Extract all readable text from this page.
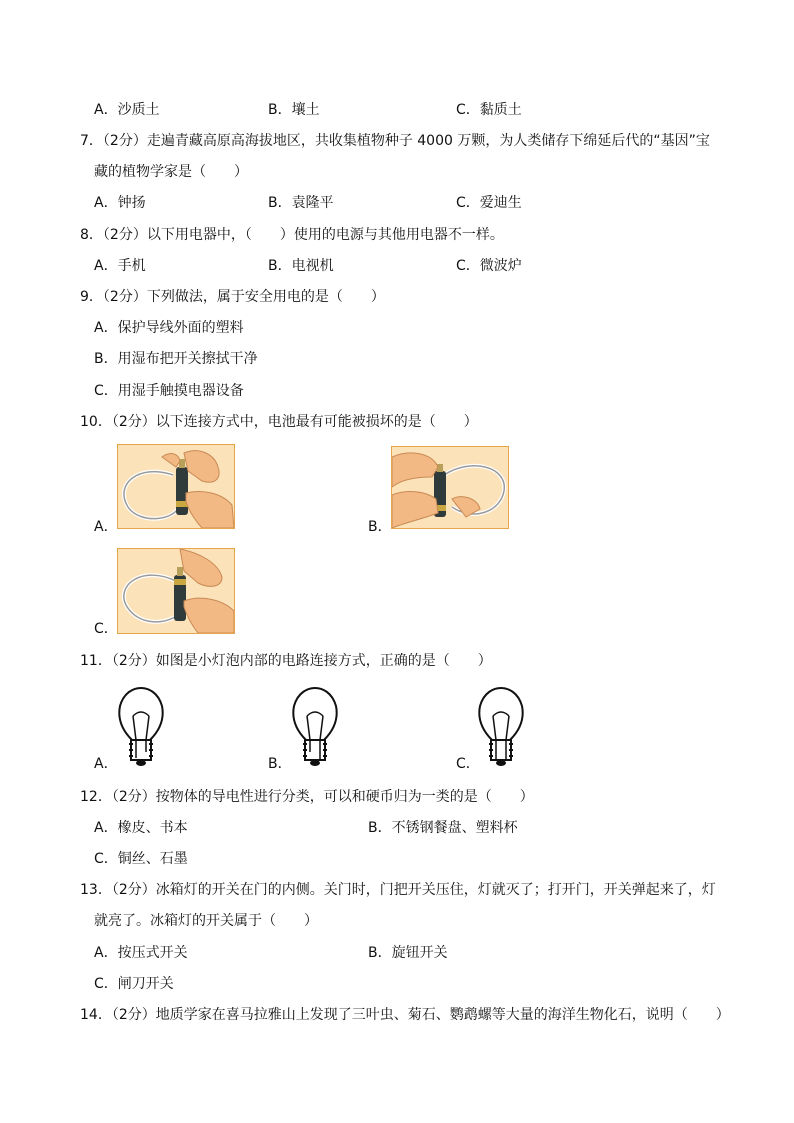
A．沙质土	B．壤土	C．黏质土
7．（2分）走遍青藏高原高海拔地区，共收集植物种子 4000 万颗，为人类储存下绵延后代的“基因”宝
藏的植物学家是（　　）
A．钟扬	B．袁隆平	C．爱迪生
8．（2分）以下用电器中，（　　）使用的电源与其他用电器不一样。
A．手机	B．电视机	C．微波炉
9．（2分）下列做法，属于安全用电的是（　　）
A．保护导线外面的塑料
B．用湿布把开关擦拭干净
C．用湿手触摸电器设备
10．（2分）以下连接方式中，电池最有可能被损坏的是（　　）
A．	B．
C．
11．（2分）如图是小灯泡内部的电路连接方式，正确的是（　　）
A．	B．	C．
12．（2分）按物体的导电性进行分类，可以和硬币归为一类的是（　　）
A．橡皮、书本	B．不锈钢餐盘、塑料杯
C．铜丝、石墨
13．（2分）冰箱灯的开关在门的内侧。关门时，门把开关压住，灯就灭了；打开门，开关弹起来了，灯
就亮了。冰箱灯的开关属于（　　）
A．按压式开关	B．旋钮开关
C．闸刀开关
14．（2分）地质学家在喜马拉雅山上发现了三叶虫、菊石、鹦鹉螺等大量的海洋生物化石，说明（　　）
